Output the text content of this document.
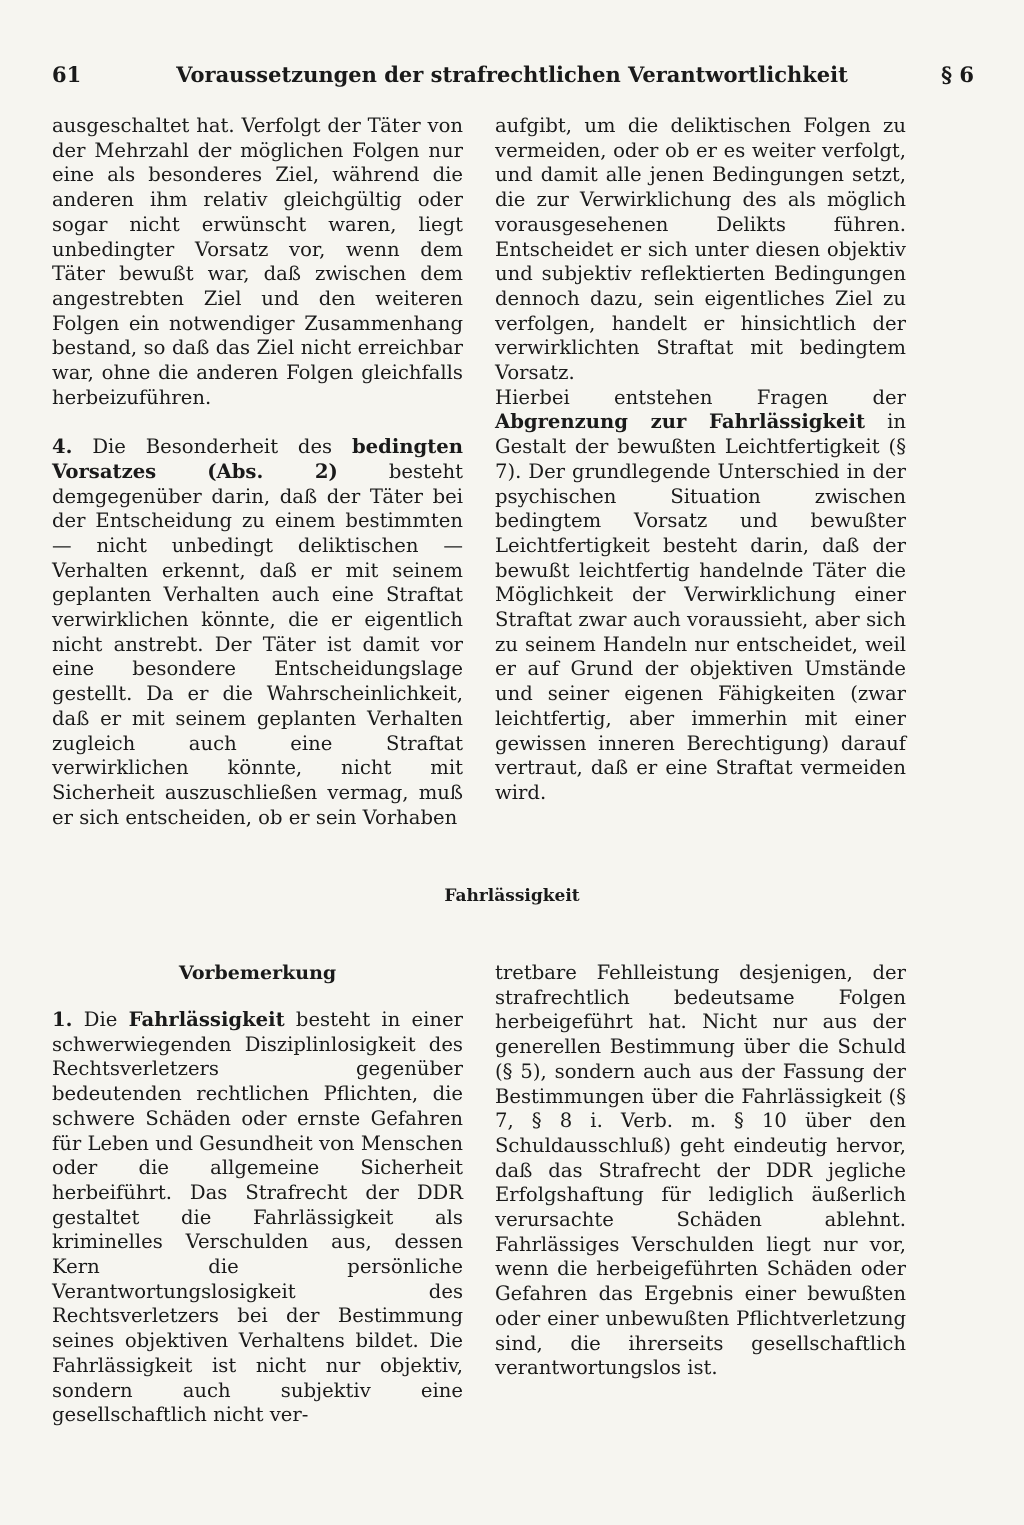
61	Voraussetzungen der strafrechtlichen Verantwortlichkeit	§ 6

ausgeschaltet hat. Verfolgt der Täter von der Mehrzahl der möglichen Folgen nur eine als besonderes Ziel, während die anderen ihm relativ gleichgültig oder sogar nicht erwünscht waren, liegt unbedingter Vorsatz vor, wenn dem Täter bewußt war, daß zwischen dem angestrebten Ziel und den weiteren Folgen ein notwendiger Zusammenhang bestand, so daß das Ziel nicht erreichbar war, ohne die anderen Folgen gleichfalls herbeizuführen.

4. Die Besonderheit des bedingten Vorsatzes	(Abs. 2)	besteht demgegenüber darin, daß der Täter bei der Entscheidung zu einem bestimmten — nicht unbedingt deliktischen — Verhalten erkennt, daß er mit seinem geplanten Verhalten auch eine Straftat verwirklichen könnte, die er eigentlich nicht anstrebt. Der Täter ist damit vor eine besondere Entscheidungslage gestellt. Da er die Wahrscheinlichkeit, daß er mit seinem geplanten Verhalten zugleich auch eine Straftat verwirklichen könnte, nicht mit Sicherheit auszuschließen vermag, muß er sich entscheiden, ob er sein Vorhaben

aufgibt, um die deliktischen Folgen zu vermeiden, oder ob er es weiter verfolgt, und damit alle jenen Bedingungen setzt, die zur Verwirklichung des als möglich vorausgesehenen Delikts führen. Entscheidet er sich unter diesen objektiv und subjektiv reflektierten Bedingungen dennoch dazu, sein eigentliches Ziel zu verfolgen, handelt er hinsichtlich der verwirklichten Straftat mit bedingtem Vorsatz.

Hierbei entstehen Fragen der Abgrenzung zur Fahrlässigkeit in Gestalt der bewußten Leichtfertigkeit (§ 7). Der grundlegende Unterschied in der psychischen Situation zwischen bedingtem Vorsatz und bewußter Leichtfertigkeit besteht darin, daß der bewußt leichtfertig handelnde Täter die Möglichkeit der Verwirklichung einer Straftat zwar auch voraussieht, aber sich zu seinem Handeln nur entscheidet, weil er auf Grund der objektiven Umstände und seiner eigenen Fähigkeiten (zwar leichtfertig, aber immerhin mit einer gewissen inneren Berechtigung) darauf vertraut, daß er eine Straftat vermeiden wird.

Fahrlässigkeit
Vorbemerkung

1. Die Fahrlässigkeit besteht in einer schwerwiegenden Disziplinlosigkeit des Rechtsverletzers gegenüber bedeutenden rechtlichen Pflichten, die schwere Schäden oder ernste Gefahren für Leben und Gesundheit von Menschen oder die allgemeine Sicherheit herbeiführt. Das Strafrecht der DDR gestaltet die Fahrlässigkeit als kriminelles Verschulden aus, dessen Kern die persönliche Verantwortungslosigkeit des Rechtsverletzers bei der Bestimmung seines objektiven Verhaltens bildet. Die Fahrlässigkeit ist nicht nur objektiv, sondern auch subjektiv eine gesellschaftlich nicht ver-

tretbare Fehlleistung desjenigen, der strafrechtlich bedeutsame Folgen herbeigeführt hat. Nicht nur aus der generellen Bestimmung über die Schuld (§ 5), sondern auch aus der Fassung der Bestimmungen über die Fahrlässigkeit (§ 7, § 8 i. Verb. m. § 10 über den Schuldausschluß) geht eindeutig hervor, daß das Strafrecht der DDR jegliche Erfolgshaftung für lediglich äußerlich verursachte Schäden ablehnt. Fahrlässiges Verschulden liegt nur vor, wenn die herbeigeführten Schäden oder Gefahren das Ergebnis einer bewußten oder einer unbewußten Pflichtverletzung sind, die ihrerseits gesellschaftlich verantwortungslos ist.
